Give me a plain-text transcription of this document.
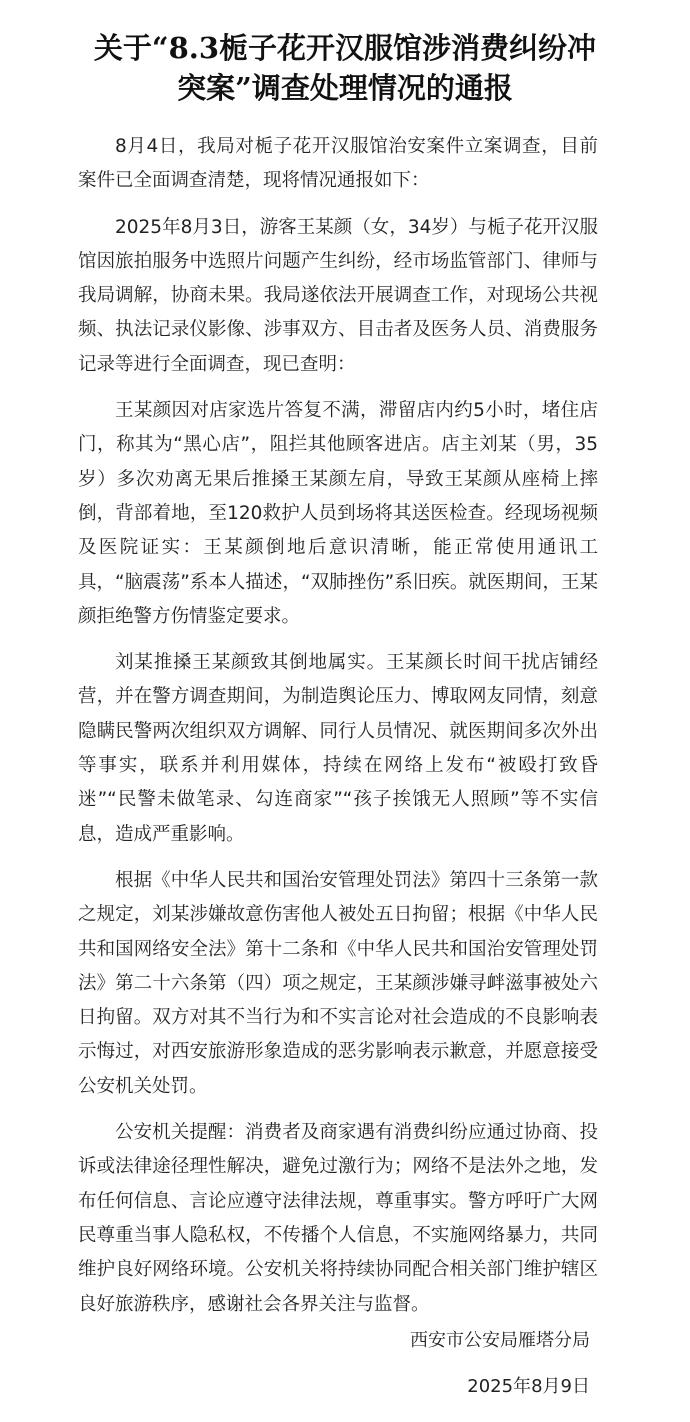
关于“8.3栀子花开汉服馆涉消费纠纷冲突案”调查处理情况的通报

8月4日，我局对栀子花开汉服馆治安案件立案调查，目前案件已全面调查清楚，现将情况通报如下：

2025年8月3日，游客王某颜（女，34岁）与栀子花开汉服馆因旅拍服务中选照片问题产生纠纷，经市场监管部门、律师与我局调解，协商未果。我局遂依法开展调查工作，对现场公共视频、执法记录仪影像、涉事双方、目击者及医务人员、消费服务记录等进行全面调查，现已查明：

王某颜因对店家选片答复不满，滞留店内约5小时，堵住店门，称其为“黑心店”，阻拦其他顾客进店。店主刘某（男，35岁）多次劝离无果后推搡王某颜左肩，导致王某颜从座椅上摔倒，背部着地，至120救护人员到场将其送医检查。经现场视频及医院证实：王某颜倒地后意识清晰，能正常使用通讯工具，“脑震荡”系本人描述，“双肺挫伤”系旧疾。就医期间，王某颜拒绝警方伤情鉴定要求。

刘某推搡王某颜致其倒地属实。王某颜长时间干扰店铺经营，并在警方调查期间，为制造舆论压力、博取网友同情，刻意隐瞒民警两次组织双方调解、同行人员情况、就医期间多次外出等事实，联系并利用媒体，持续在网络上发布“被殴打致昏迷”“民警未做笔录、勾连商家”“孩子挨饿无人照顾”等不实信息，造成严重影响。

根据《中华人民共和国治安管理处罚法》第四十三条第一款之规定，刘某涉嫌故意伤害他人被处五日拘留；根据《中华人民共和国网络安全法》第十二条和《中华人民共和国治安管理处罚法》第二十六条第（四）项之规定，王某颜涉嫌寻衅滋事被处六日拘留。双方对其不当行为和不实言论对社会造成的不良影响表示悔过，对西安旅游形象造成的恶劣影响表示歉意，并愿意接受公安机关处罚。

公安机关提醒：消费者及商家遇有消费纠纷应通过协商、投诉或法律途径理性解决，避免过激行为；网络不是法外之地，发布任何信息、言论应遵守法律法规，尊重事实。警方呼吁广大网民尊重当事人隐私权，不传播个人信息，不实施网络暴力，共同维护良好网络环境。公安机关将持续协同配合相关部门维护辖区良好旅游秩序，感谢社会各界关注与监督。

西安市公安局雁塔分局
2025年8月9日
